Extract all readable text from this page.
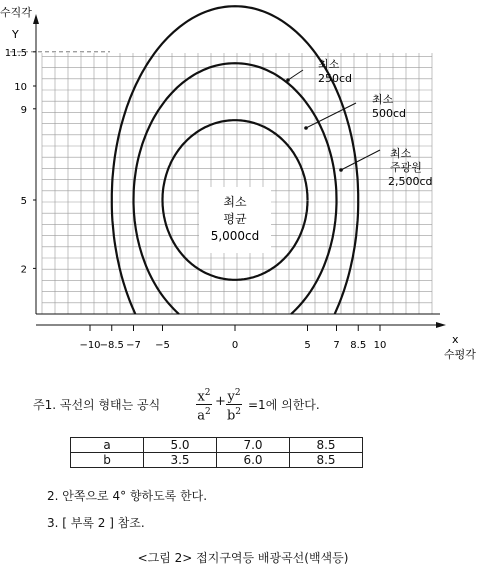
11.5
10
9
5
2
−10 −8.5 −7 −5	0	5 7 8.5 10
최소
250cd
최소
500cd
최소
주광원
2,500cd
최소
평균
5,000cd
수직각
Y
x
수평각
주1. 곡선의 형태는 공식	$\frac{x^2}{a^2} + \frac{y^2}{b^2} =1$에 의한다.
a	5.0	7.0	8.5
b	3.5	6.0	8.5
2. 안쪽으로 4° 향하도록 한다.
3. [ 부록 2 ] 참조.
<그림 2> 접지구역등 배광곡선(백색등)
